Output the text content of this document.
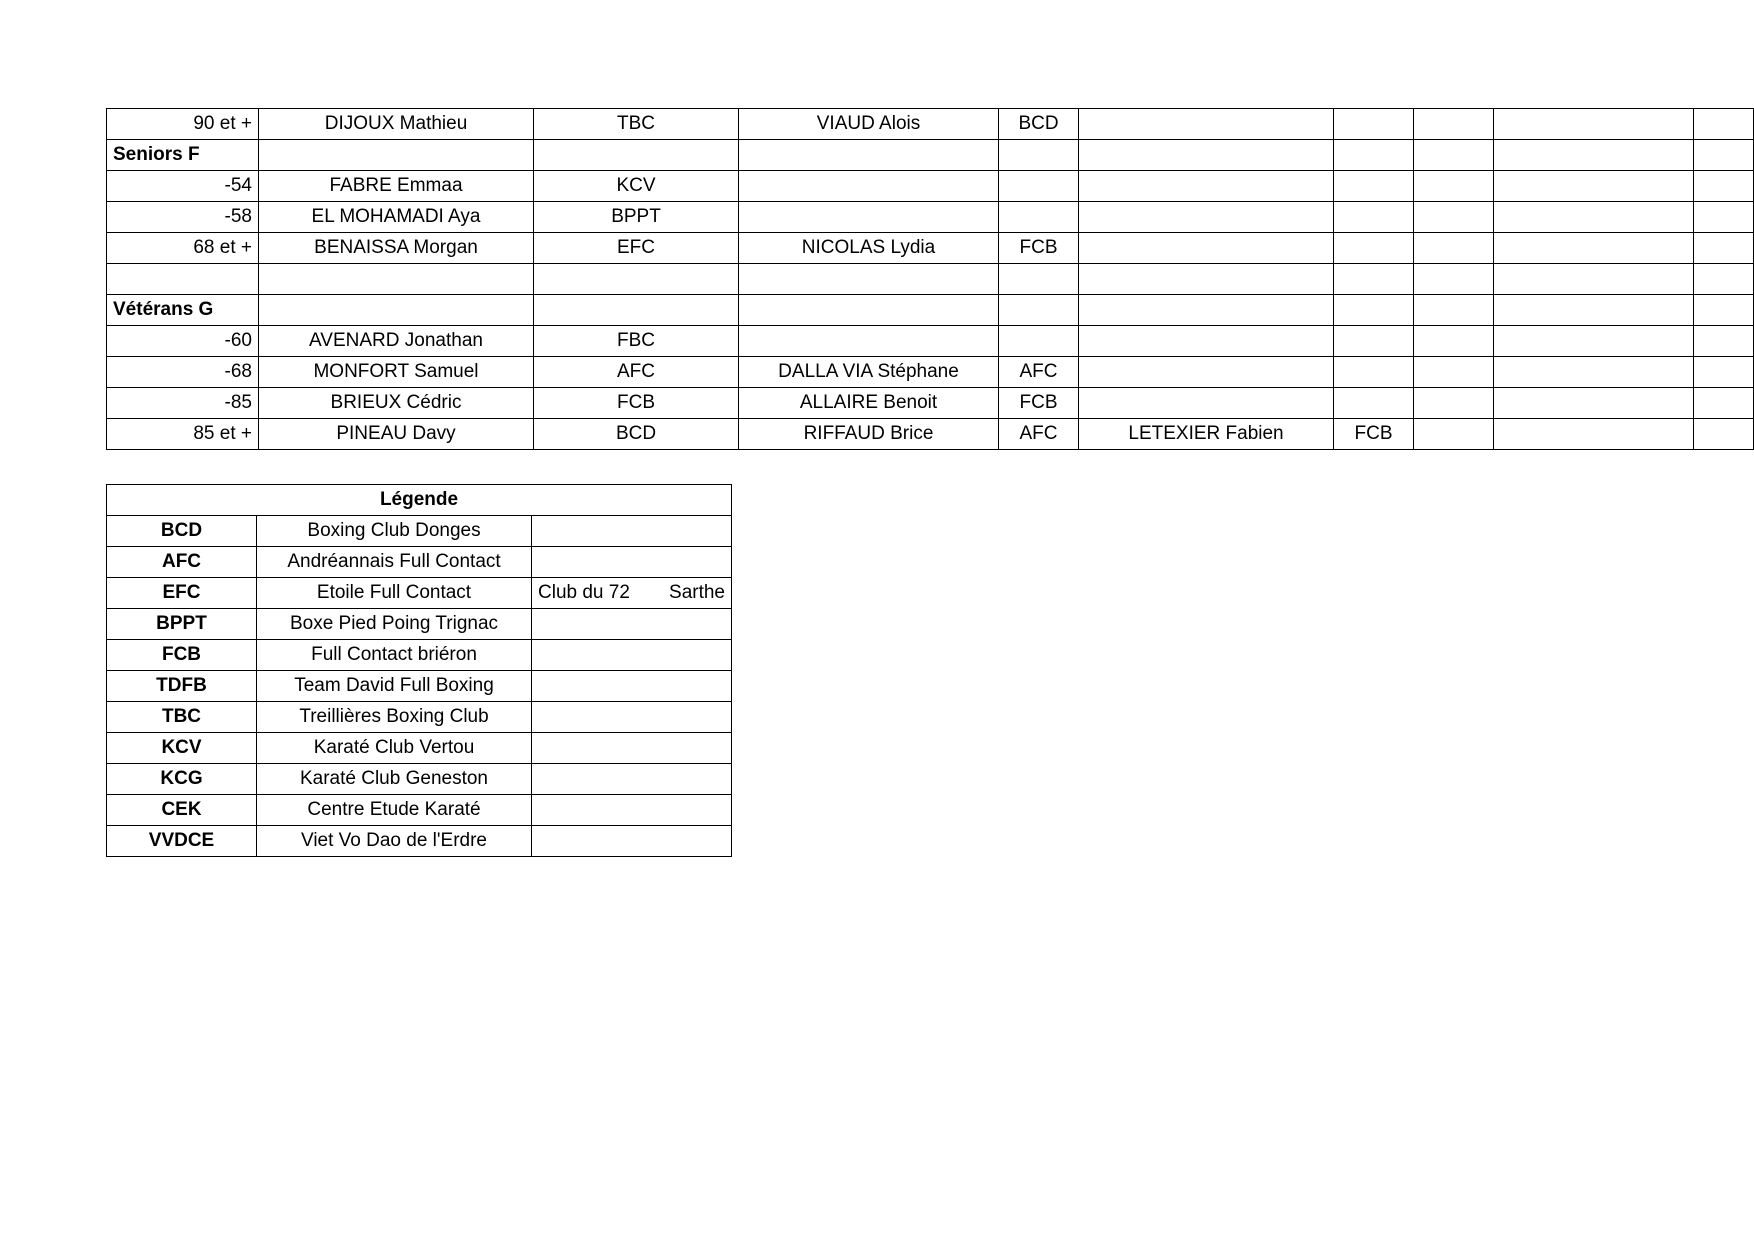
90 et +	DIJOUX Mathieu	TBC	VIAUD Alois	BCD					
Seniors F									
-54	FABRE Emmaa	KCV							
-58	EL MOHAMADI Aya	BPPT							
68 et +	BENAISSA Morgan	EFC	NICOLAS Lydia	FCB					

Vétérans G									
-60	AVENARD Jonathan	FBC							
-68	MONFORT Samuel	AFC	DALLA VIA Stéphane	AFC					
-85	BRIEUX Cédric	FCB	ALLAIRE Benoit	FCB					
85 et +	PINEAU Davy	BCD	RIFFAUD Brice	AFC	LETEXIER Fabien	FCB			
Légende		
BCD	Boxing Club Donges	

AFC	Andréannais Full Contact	

EFC	Etoile Full Contact	Club du 72 Sarthe

BPPT	Boxe Pied Poing Trignac	

FCB	Full Contact briéron	

TDFB	Team David Full Boxing	

TBC	Treillières Boxing Club	

KCV	Karaté Club Vertou	

KCG	Karaté Club Geneston	

CEK	Centre Etude Karaté	

VVDCE	Viet Vo Dao de l'Erdre	
